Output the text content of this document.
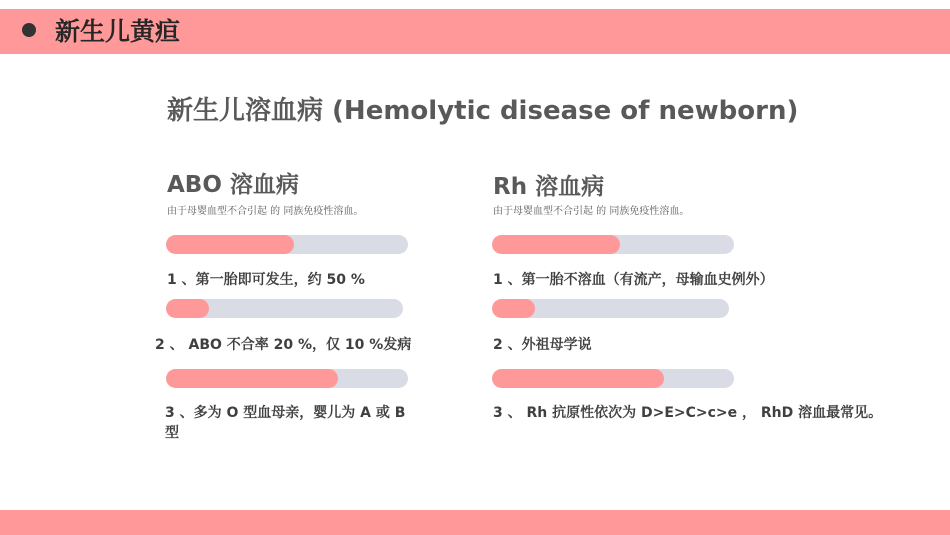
新生儿黄疸
新生儿溶血病 (Hemolytic disease of newborn)
ABO 溶血病
由于母婴血型不合引起 的 同族免疫性溶血。
1 、第一胎即可发生，约 50 %
2 、 ABO 不合率 20 %，仅 10 %发病
3 、多为 O 型血母亲，婴儿为 A 或 B 型
Rh 溶血病
由于母婴血型不合引起 的 同族免疫性溶血。
1 、第一胎不溶血（有流产，母输血史例外）
2 、外祖母学说
3 、 Rh 抗原性依次为 D>E>C>c>e ， RhD 溶血最常见。
